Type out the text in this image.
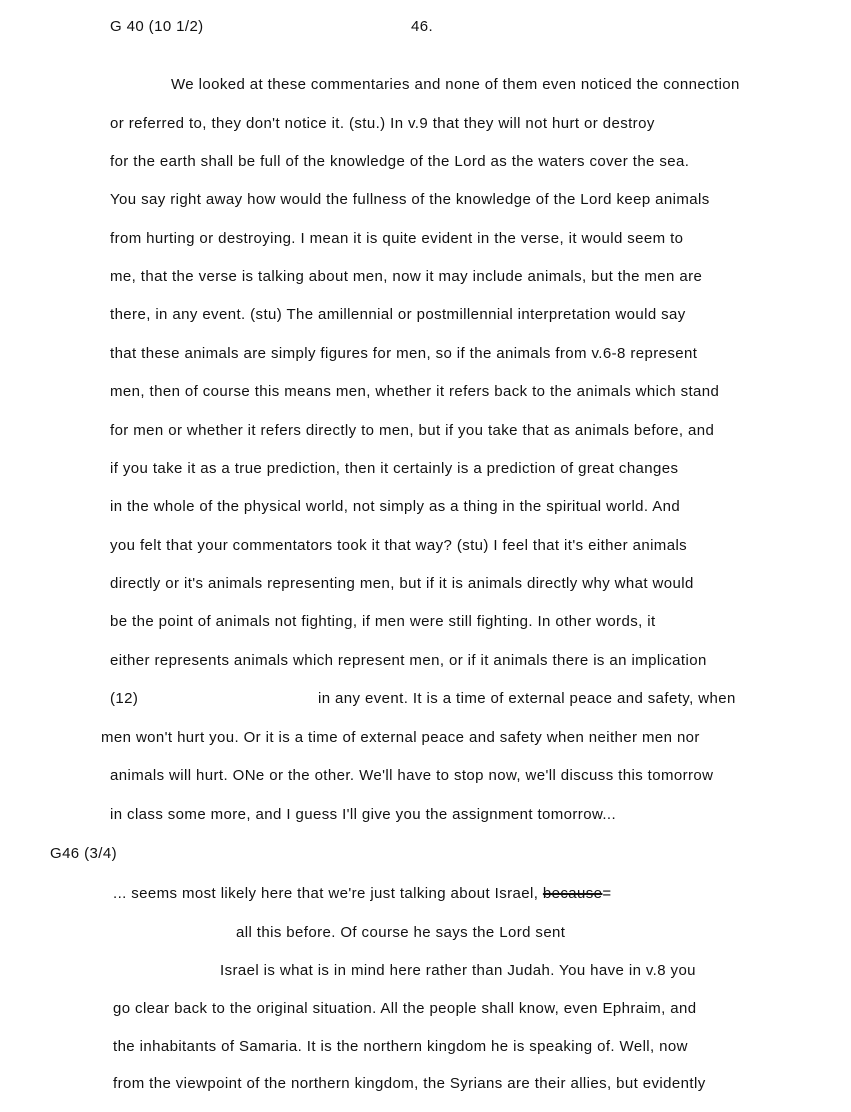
G 40 (10 1/2)	46.
We looked at these commentaries and none of them even noticed the connection
or referred to, they don't notice it. (stu.) In v.9 that they will not hurt or destroy
for the earth shall be full of the knowledge of the Lord as the waters cover the sea.
You say right away how would the fullness of the knowledge of the Lord keep animals
from hurting or destroying. I mean it is quite evident in the verse, it would seem to
me, that the verse is talking about men, now it may include animals, but the men are
there, in any event. (stu) The amillennial or postmillennial interpretation would say
that these animals are simply figures for men, so if the animals from v.6-8 represent
men, then of course this means men, whether it refers back to the animals which stand
for men or whether it refers directly to men, but if you take that as animals before, and
if you take it as a true prediction, then it certainly is a prediction of great changes
in the whole of the physical world, not simply as a thing in the spiritual world. And
you felt that your commentators took it that way? (stu) I feel that it's either animals
directly or it's animals representing men, but if it is animals directly why what would
be the point of animals not fighting, if men were still fighting. In other words, it
either represents animals which represent men, or if it animals there is an implication
(12)	in any event. It is a time of external peace and safety, when
men won't hurt you. Or it is a time of external peace and safety when neither men nor
animals will hurt. ONe or the other. We'll have to stop now, we'll discuss this tomorrow
in class some more, and I guess I'll give you the assignment tomorrow...
G46 (3/4)
... seems most likely here that we're just talking about Israel, because=
all this before. Of course he says the Lord sent
Israel is what is in mind here rather than Judah. You have in v.8 you
go clear back to the original situation. All the people shall know, even Ephraim, and
the inhabitants of Samaria. It is the northern kingdom he is speaking of. Well, now
from the viewpoint of the northern kingdom, the Syrians are their allies, but evidently
